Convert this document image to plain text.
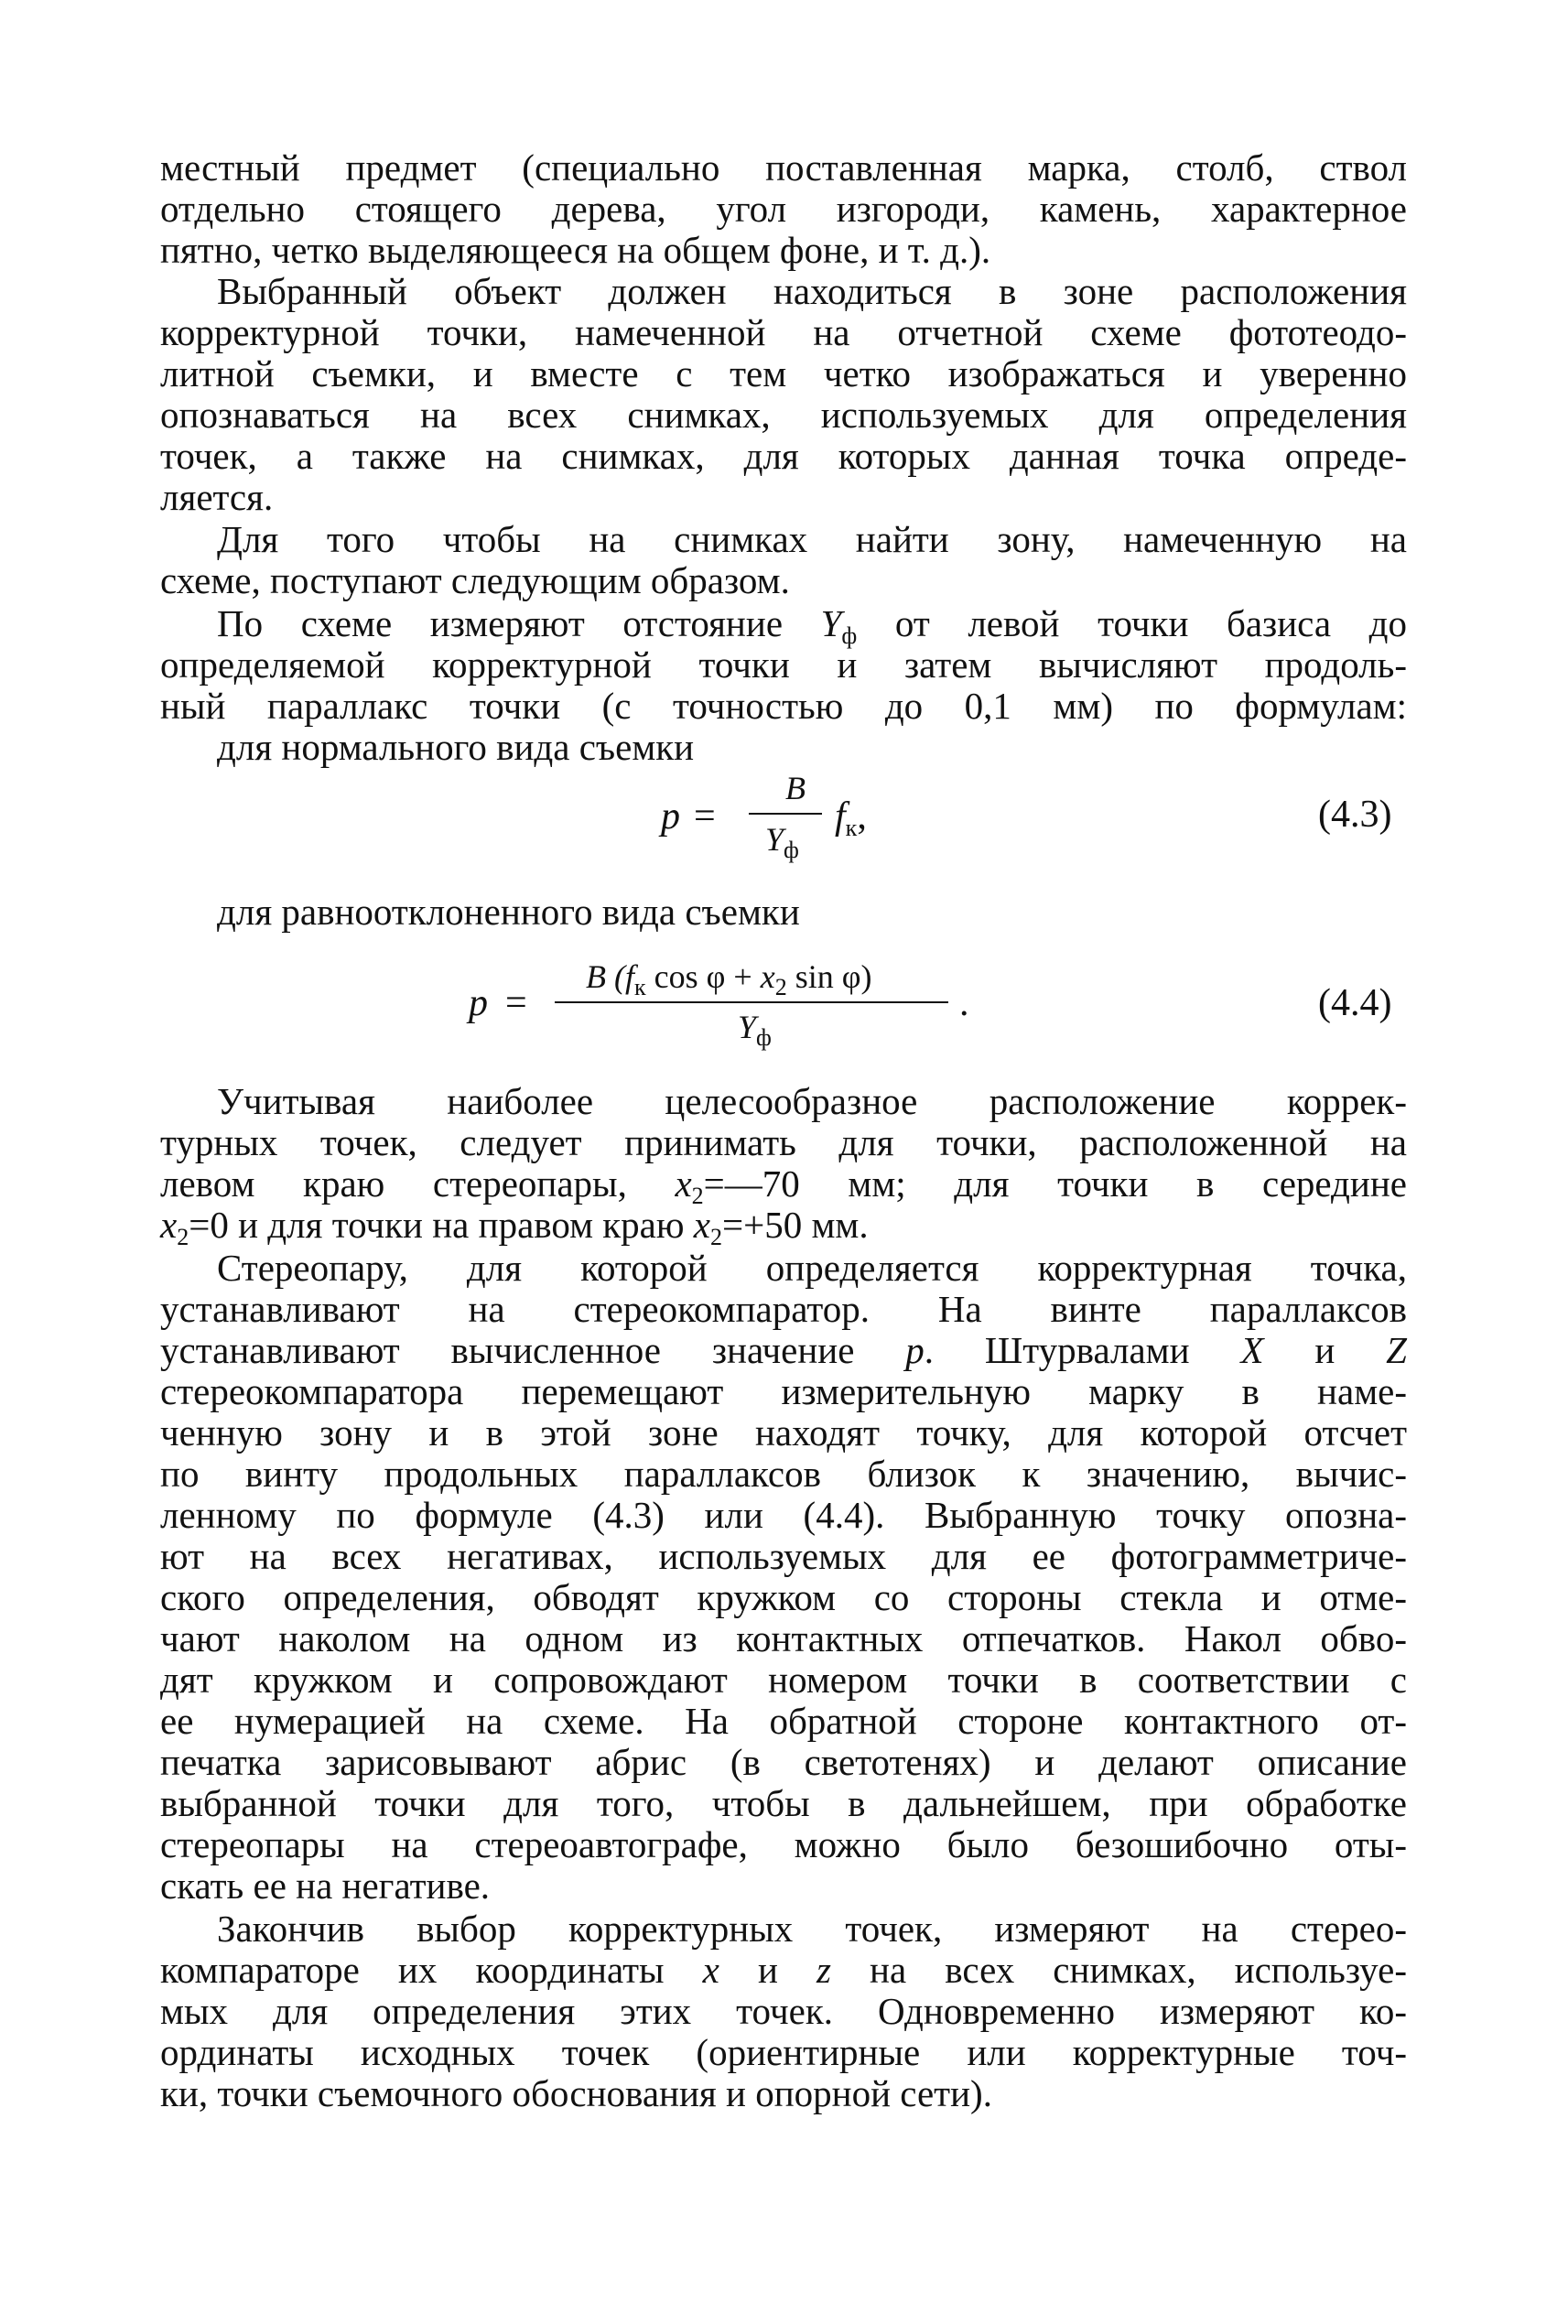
местный предмет (специально поставленная марка, столб, ствол
отдельно стоящего дерева, угол изгороди, камень, характерное
пятно, четко выделяющееся на общем фоне, и т. д.).
Выбранный объект должен находиться в зоне расположения
корректурной точки, намеченной на отчетной схеме фототеодо-
литной съемки, и вместе с тем четко изображаться и уверенно
опознаваться на всех снимках, используемых для определения
точек, а также на снимках, для которых данная точка опреде-
ляется.
Для того чтобы на снимках найти зону, намеченную на
схеме, поступают следующим образом.
По схеме измеряют отстояние $Y_ф$ от левой точки базиса до
определяемой корректурной точки и затем вычисляют продоль-
ный параллакс точки (с точностью до 0,1 мм) по формулам:
для нормального вида съемки
p =
B
$Y_ф$
$f_к$,	(4.3)
для равноотклоненного вида съемки
p =
B ($f_к$ $\cos \varphi + x_2$ sin φ)
$Y_ф$
.	(4.4)
Учитывая наиболее целесообразное расположение коррек-
турных точек, следует принимать для точки, расположенной на
левом краю стереопары, $x_2=—70$ мм; для точки в середине
$x_2=0$ и для точки на правом краю $x_2=+50$ мм.
Стереопару, для которой определяется корректурная точка,
устанавливают на стереокомпаратор. На винте параллаксов
устанавливают вычисленное значение p. Штурвалами X и Z
стереокомпаратора перемещают измерительную марку в наме-
ченную зону и в этой зоне находят точку, для которой отсчет
по винту продольных параллаксов близок к значению, вычис-
ленному по формуле (4.3) или (4.4). Выбранную точку опозна-
ют на всех негативах, используемых для ее фотограмметриче-
ского определения, обводят кружком со стороны стекла и отме-
чают наколом на одном из контактных отпечатков. Накол обво-
дят кружком и сопровождают номером точки в соответствии с
ее нумерацией на схеме. На обратной стороне контактного от-
печатка зарисовывают абрис (в светотенях) и делают описание
выбранной точки для того, чтобы в дальнейшем, при обработке
стереопары на стереоавтографе, можно было безошибочно оты-
скать ее на негативе.
Закончив выбор корректурных точек, измеряют на стерео-
компараторе их координаты x и z на всех снимках, используе-
мых для определения этих точек. Одновременно измеряют ко-
ординаты исходных точек (ориентирные или корректурные точ-
ки, точки съемочного обоснования и опорной сети).
